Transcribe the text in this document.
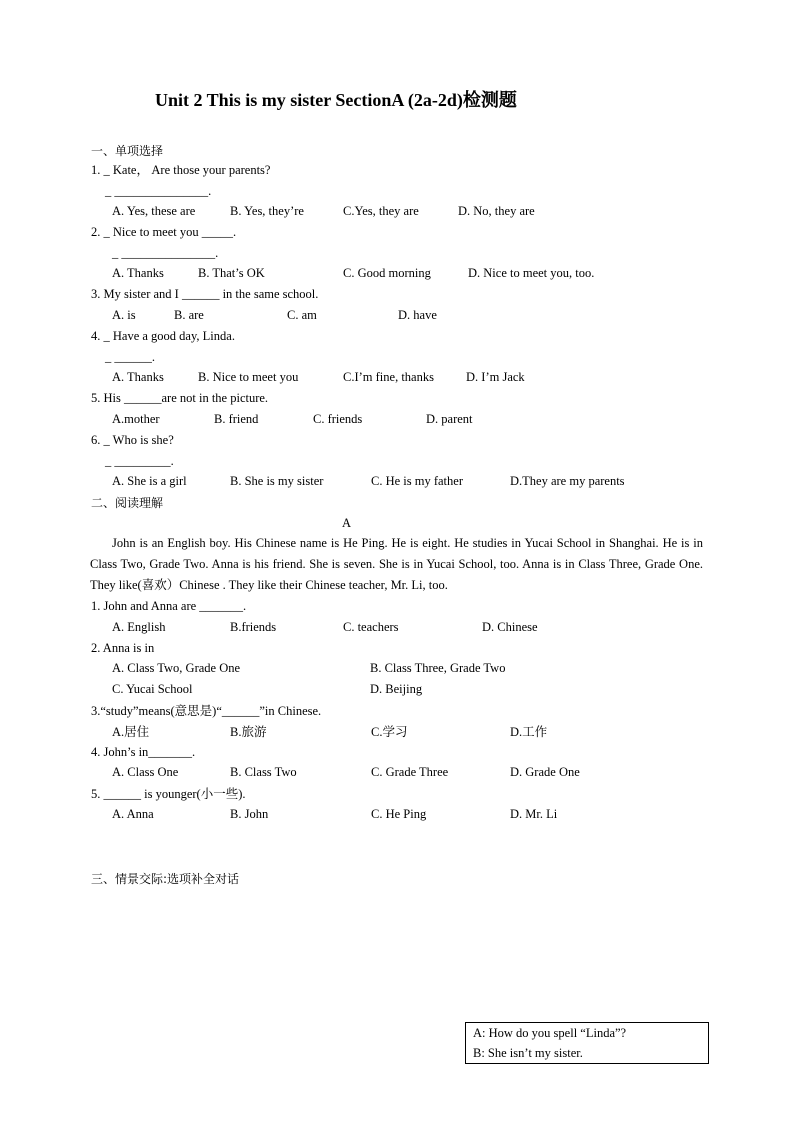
Unit 2 This is my sister SectionA (2a-2d)检测题
一、单项选择
1. _ Kate， Are those your parents?
_ _______________.
A. Yes, these are	B. Yes, they’re	C.Yes, they are	D. No, they are
2. _ Nice to meet you _____.
_ _______________.
A. Thanks	B. That’s OK	C. Good morning	D. Nice to meet you, too.
3. My sister and I ______ in the same school.
A. is	B. are	C. am	D. have
4. _ Have a good day, Linda.
_ ______.
A. Thanks	B. Nice to meet you	C.I’m fine, thanks	D. I’m Jack
5. His ______are not in the picture.
A.mother	B. friend	C. friends	D. parent
6. _ Who is she?
_ _________.
A. She is a girl	B. She is my sister	C. He is my father	D.They are my parents
二、阅读理解
A
John is an English boy. His Chinese name is He Ping. He is eight. He studies in Yucai School in Shanghai. He is in Class Two, Grade Two. Anna is his friend. She is seven. She is in Yucai School, too. Anna is in Class Three, Grade One. They like(喜欢）Chinese . They like their Chinese teacher, Mr. Li, too.
1. John and Anna are _______.
A. English	B.friends	C. teachers	D. Chinese
2. Anna is in
A. Class Two, Grade One	B. Class Three, Grade Two
C. Yucai School	D. Beijing
3.“study”means(意思是)“______”in Chinese.
A.居住	B.旅游	C.学习	D.工作
4. John’s in_______.
A. Class One	B. Class Two	C. Grade Three	D. Grade One
5. ______ is younger(小一些).
A. Anna	B. John	C. He Ping	D. Mr. Li
三、情景交际:选项补全对话
A: How do you spell “Linda”?
B: She isn’t my sister.
